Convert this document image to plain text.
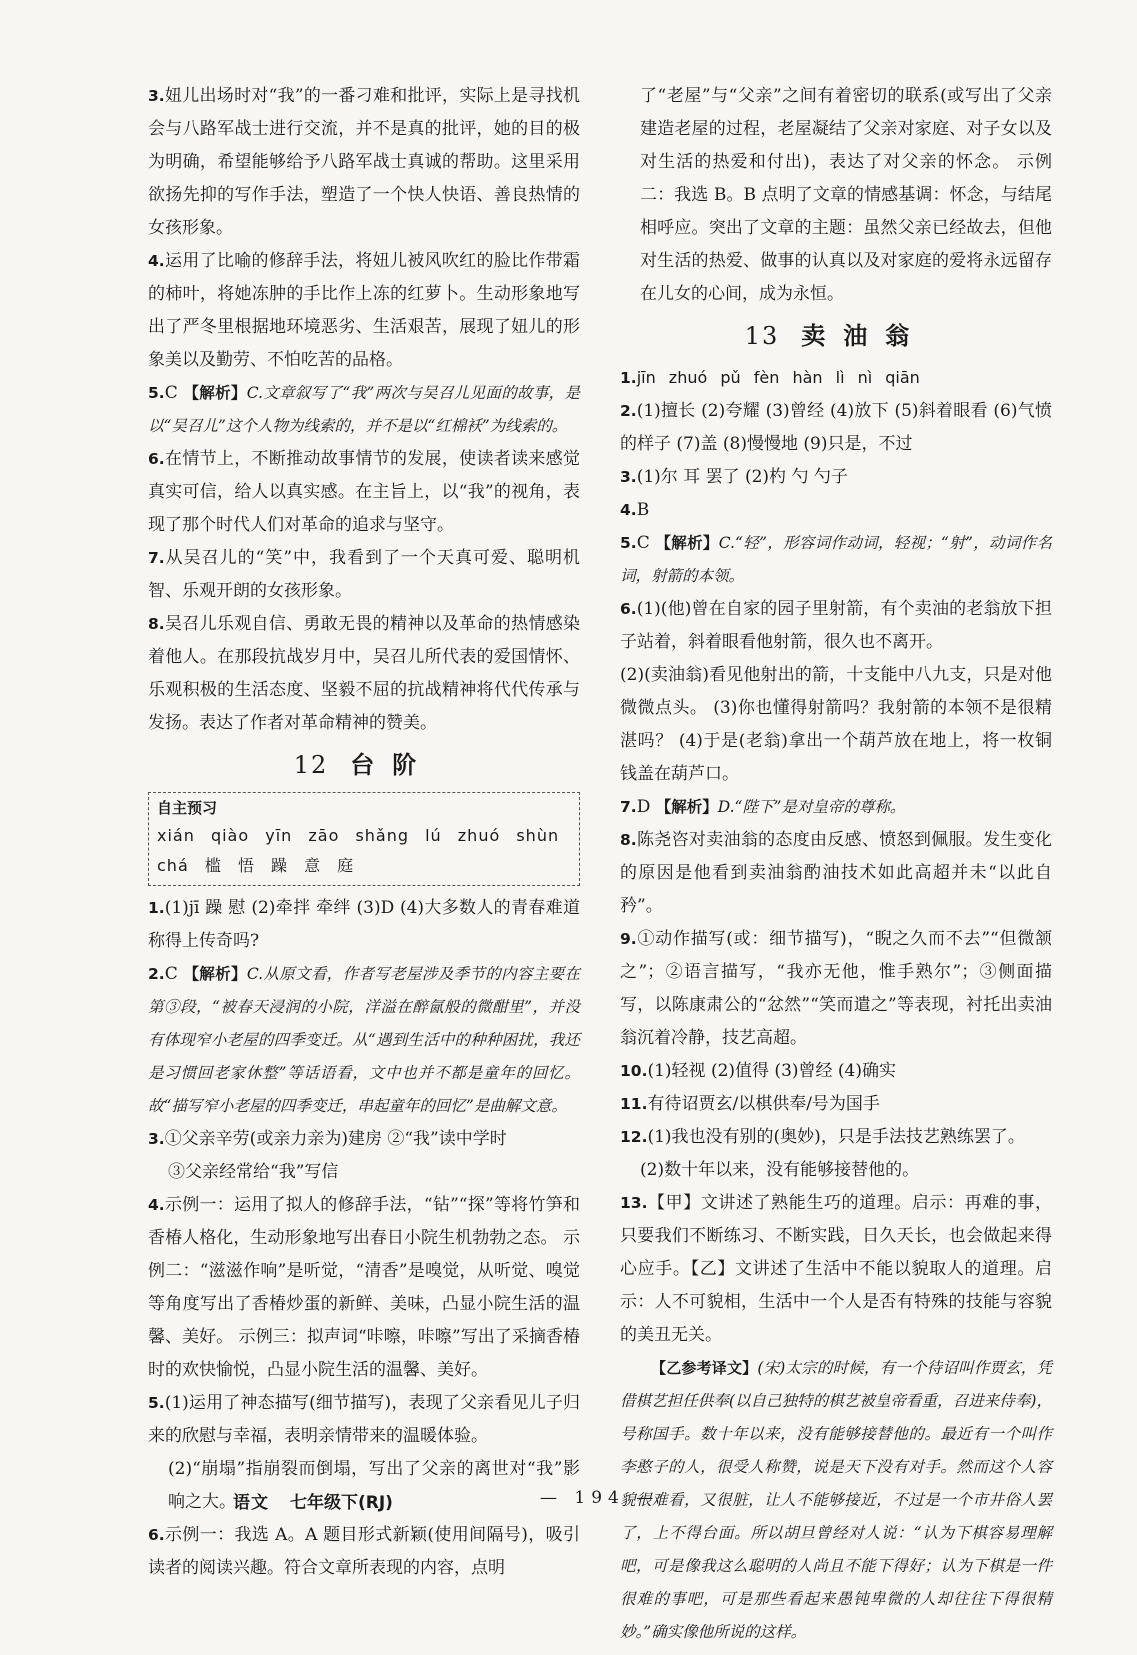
3.妞儿出场时对“我”的一番刁难和批评，实际上是寻找机会与八路军战士进行交流，并不是真的批评，她的目的极为明确，希望能够给予八路军战士真诚的帮助。这里采用欲扬先抑的写作手法，塑造了一个快人快语、善良热情的女孩形象。
4.运用了比喻的修辞手法，将妞儿被风吹红的脸比作带霜的柿叶，将她冻肿的手比作上冻的红萝卜。生动形象地写出了严冬里根据地环境恶劣、生活艰苦，展现了妞儿的形象美以及勤劳、不怕吃苦的品格。
5.C 【解析】C.文章叙写了“我”两次与吴召儿见面的故事，是以“吴召儿”这个人物为线索的，并不是以“红棉袄”为线索的。
6.在情节上，不断推动故事情节的发展，使读者读来感觉真实可信，给人以真实感。在主旨上，以“我”的视角，表现了那个时代人们对革命的追求与坚守。
7.从吴召儿的“笑”中，我看到了一个天真可爱、聪明机智、乐观开朗的女孩形象。
8.吴召儿乐观自信、勇敢无畏的精神以及革命的热情感染着他人。在那段抗战岁月中，吴召儿所代表的爱国情怀、乐观积极的生活态度、坚毅不屈的抗战精神将代代传承与发扬。表达了作者对革命精神的赞美。
12 台阶
自主预习
xián qiào yīn zāo shǎng lú zhuó shùn
chá 槛 悟 躁 意 庭
1.(1)jī 躁 慰 (2)牵拌 牵绊 (3)D (4)大多数人的青春难道称得上传奇吗?
2.C 【解析】C.从原文看，作者写老屋涉及季节的内容主要在第③段，“被春天浸润的小院，洋溢在醉氤般的微酣里”，并没有体现窄小老屋的四季变迁。从“遇到生活中的种种困扰，我还是习惯回老家休整”等话语看，文中也并不都是童年的回忆。故“描写窄小老屋的四季变迁，串起童年的回忆”是曲解文意。
3.①父亲辛劳(或亲力亲为)建房 ②“我”读中学时
③父亲经常给“我”写信
4.示例一：运用了拟人的修辞手法，“钻”“探”等将竹笋和香椿人格化，生动形象地写出春日小院生机勃勃之态。 示例二：“滋滋作响”是听觉，“清香”是嗅觉，从听觉、嗅觉等角度写出了香椿炒蛋的新鲜、美味，凸显小院生活的温馨、美好。 示例三：拟声词“咔嚓，咔嚓”写出了采摘香椿时的欢快愉悦，凸显小院生活的温馨、美好。
5.(1)运用了神态描写(细节描写)，表现了父亲看见儿子归来的欣慰与幸福，表明亲情带来的温暖体验。
(2)“崩塌”指崩裂而倒塌，写出了父亲的离世对“我”影响之大。
6.示例一：我选 A。A 题目形式新颖(使用间隔号)，吸引读者的阅读兴趣。符合文章所表现的内容，点明
了“老屋”与“父亲”之间有着密切的联系(或写出了父亲建造老屋的过程，老屋凝结了父亲对家庭、对子女以及对生活的热爱和付出)，表达了对父亲的怀念。 示例二：我选 B。B 点明了文章的情感基调：怀念，与结尾相呼应。突出了文章的主题：虽然父亲已经故去，但他对生活的热爱、做事的认真以及对家庭的爱将永远留存在儿女的心间，成为永恒。
13 卖油翁
1.jīn zhuó pǔ fèn hàn lì nì qiān
2.(1)擅长 (2)夸耀 (3)曾经 (4)放下 (5)斜着眼看 (6)气愤的样子 (7)盖 (8)慢慢地 (9)只是，不过
3.(1)尔 耳 罢了 (2)杓 勺 勺子
4.B
5.C 【解析】C.“轻”，形容词作动词，轻视；“射”，动词作名词，射箭的本领。
6.(1)(他)曾在自家的园子里射箭，有个卖油的老翁放下担子站着，斜着眼看他射箭，很久也不离开。
(2)(卖油翁)看见他射出的箭，十支能中八九支，只是对他微微点头。 (3)你也懂得射箭吗？我射箭的本领不是很精湛吗？ (4)于是(老翁)拿出一个葫芦放在地上，将一枚铜钱盖在葫芦口。
7.D 【解析】D.“陛下”是对皇帝的尊称。
8.陈尧咨对卖油翁的态度由反感、愤怒到佩服。发生变化的原因是他看到卖油翁酌油技术如此高超并未“以此自矜”。
9.①动作描写(或：细节描写)，“睨之久而不去”“但微颔之”；②语言描写，“我亦无他，惟手熟尔”；③侧面描写，以陈康肃公的“忿然”“笑而遣之”等表现，衬托出卖油翁沉着冷静，技艺高超。
10.(1)轻视 (2)值得 (3)曾经 (4)确实
11.有待诏贾玄/以棋供奉/号为国手
12.(1)我也没有别的(奥妙)，只是手法技艺熟练罢了。
(2)数十年以来，没有能够接替他的。
13.【甲】文讲述了熟能生巧的道理。启示：再难的事，只要我们不断练习、不断实践，日久天长，也会做起来得心应手。【乙】文讲述了生活中不能以貌取人的道理。启示：人不可貌相，生活中一个人是否有特殊的技能与容貌的美丑无关。
【乙参考译文】(宋)太宗的时候，有一个待诏叫作贾玄，凭借棋艺担任供奉(以自己独特的棋艺被皇帝看重，召进来侍奉)，号称国手。数十年以来，没有能够接替他的。最近有一个叫作李憨子的人，很受人称赞，说是天下没有对手。然而这个人容貌很难看，又很脏，让人不能够接近，不过是一个市井俗人罢了，上不得台面。所以胡旦曾经对人说：“认为下棋容易理解吧，可是像我这么聪明的人尚且不能下得好；认为下棋是一件很难的事吧，可是那些看起来愚钝卑微的人却往往下得很精妙。”确实像他所说的这样。
语文 七年级下(RJ)	— 194 —
